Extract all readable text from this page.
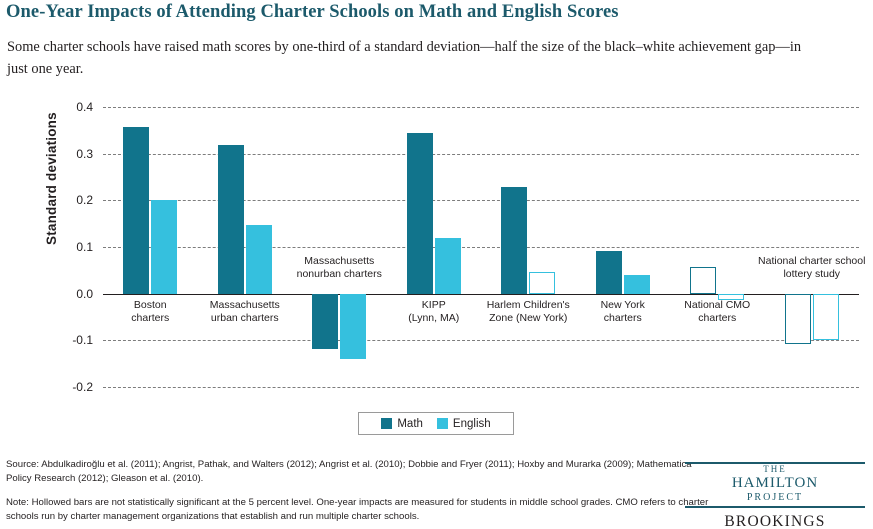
One-Year Impacts of Attending Charter Schools on Math and English Scores
Some charter schools have raised math scores by one-third of a standard deviation—half the size of the black–white achievement gap—in just one year.
Standard deviations
0.4
0.3
0.2
0.1
0.0
-0.1
-0.2
Boston
charters
Massachusetts
urban charters
Massachusetts
nonurban charters
KIPP
(Lynn, MA)
Harlem Children's
Zone (New York)
New York
charters
National CMO
charters
National charter school
lottery study
Math	English
Source: Abdulkadiroğlu et al. (2011); Angrist, Pathak, and Walters (2012); Angrist et al. (2010); Dobbie and Fryer (2011); Hoxby and Murarka (2009); Mathematica Policy Research (2012); Gleason et al. (2010).
Note: Hollowed bars are not statistically significant at the 5 percent level. One-year impacts are measured for students in middle school grades. CMO refers to charter schools run by charter management organizations that establish and run multiple charter schools.
THE
HAMILTON
PROJECT
BROOKINGS
